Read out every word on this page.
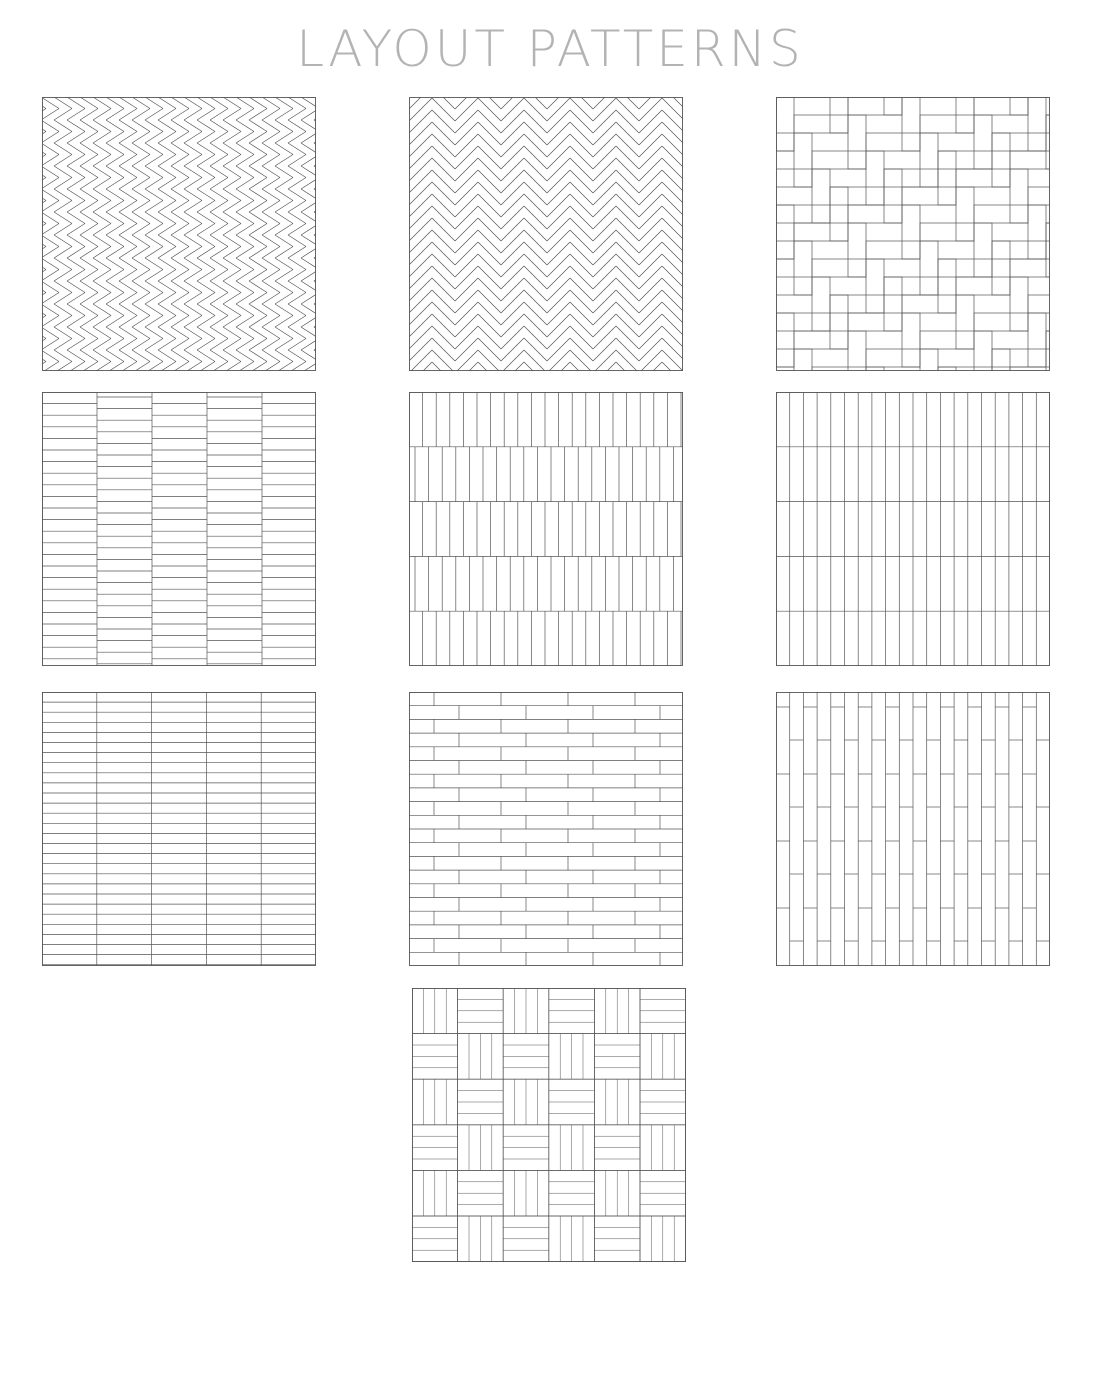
LAYOUT PATTERNS
